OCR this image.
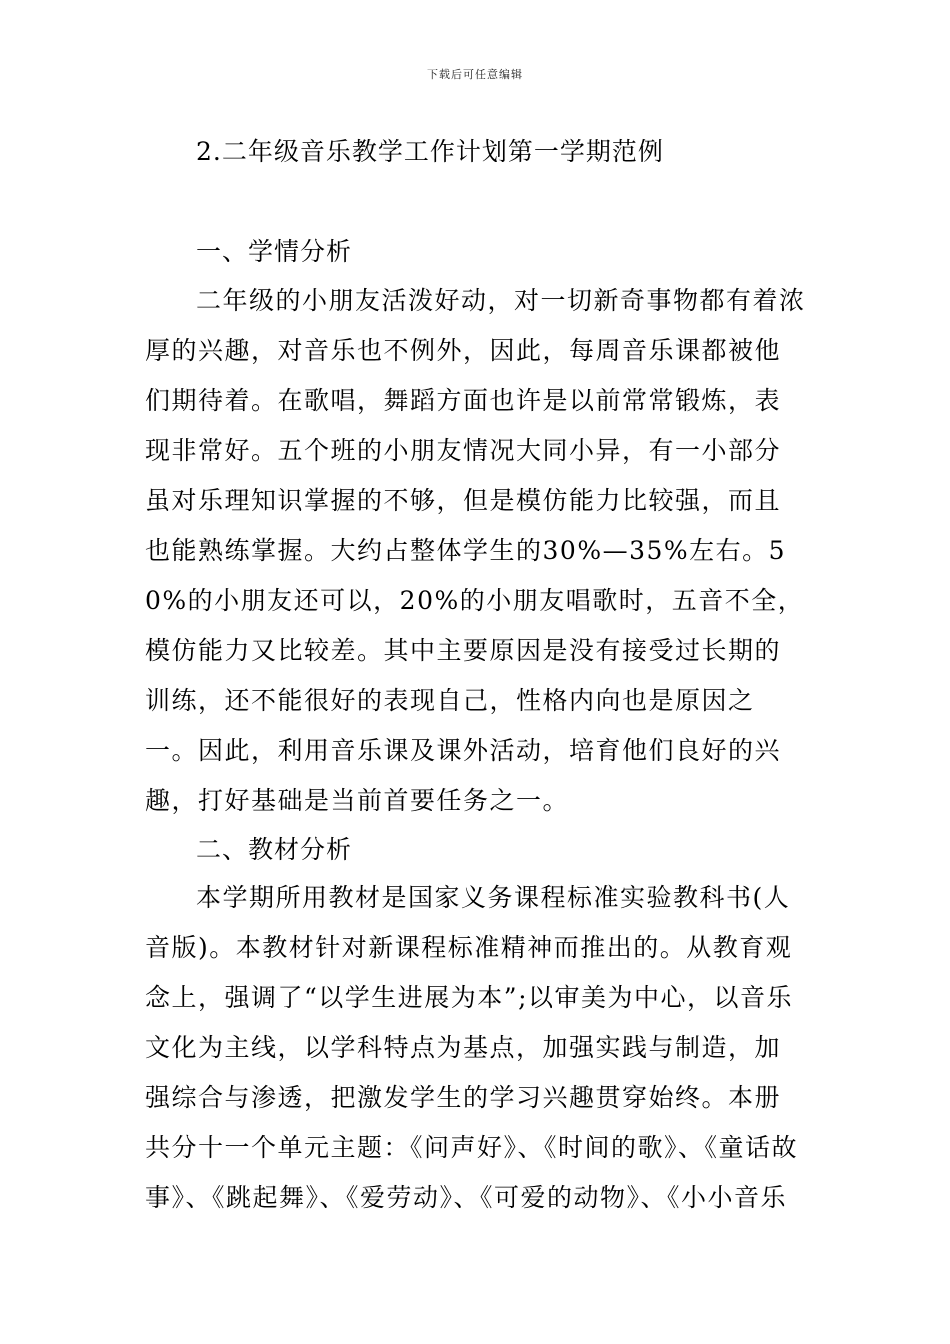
下载后可任意编辑
2.二年级音乐教学工作计划第一学期范例
一、学情分析

二年级的小朋友活泼好动，对一切新奇事物都有着浓厚的兴趣，对音乐也不例外，因此，每周音乐课都被他们期待着。在歌唱，舞蹈方面也许是以前常常锻炼，表现非常好。五个班的小朋友情况大同小异，有一小部分虽对乐理知识掌握的不够，但是模仿能力比较强，而且也能熟练掌握。大约占整体学生的30%—35%左右。50%的小朋友还可以，20%的小朋友唱歌时，五音不全，模仿能力又比较差。其中主要原因是没有接受过长期的训练，还不能很好的表现自己，性格内向也是原因之一。因此，利用音乐课及课外活动，培育他们良好的兴趣，打好基础是当前首要任务之一。

二、教材分析

本学期所用教材是国家义务课程标准实验教科书(人音版)。本教材针对新课程标准精神而推出的。从教育观念上，强调了“以学生进展为本”;以审美为中心，以音乐文化为主线，以学科特点为基点，加强实践与制造，加强综合与渗透，把激发学生的学习兴趣贯穿始终。本册共分十一个单元主题：《问声好》、《时间的歌》、《童话故事》、《跳起舞》、《爱劳动》、《可爱的动物》、《小小音乐
